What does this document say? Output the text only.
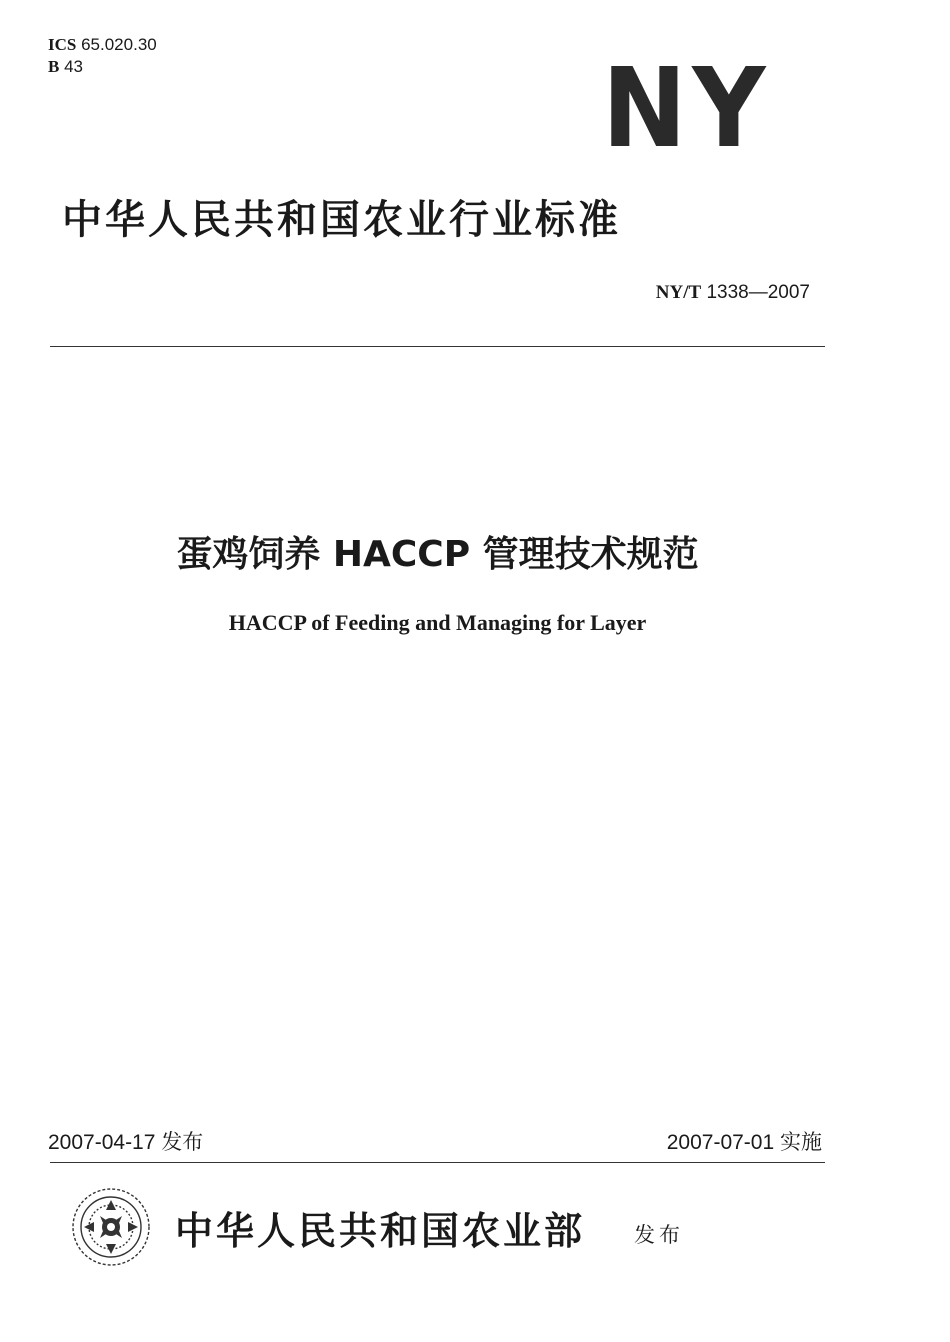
ICS 65.020.30
B 43	NY
中华人民共和国农业行业标准
NY/T 1338—2007
蛋鸡饲养 HACCP 管理技术规范
HACCP of Feeding and Managing for Layer
2007-04-17 发布	2007-07-01 实施
中华人民共和国农业部 发布
